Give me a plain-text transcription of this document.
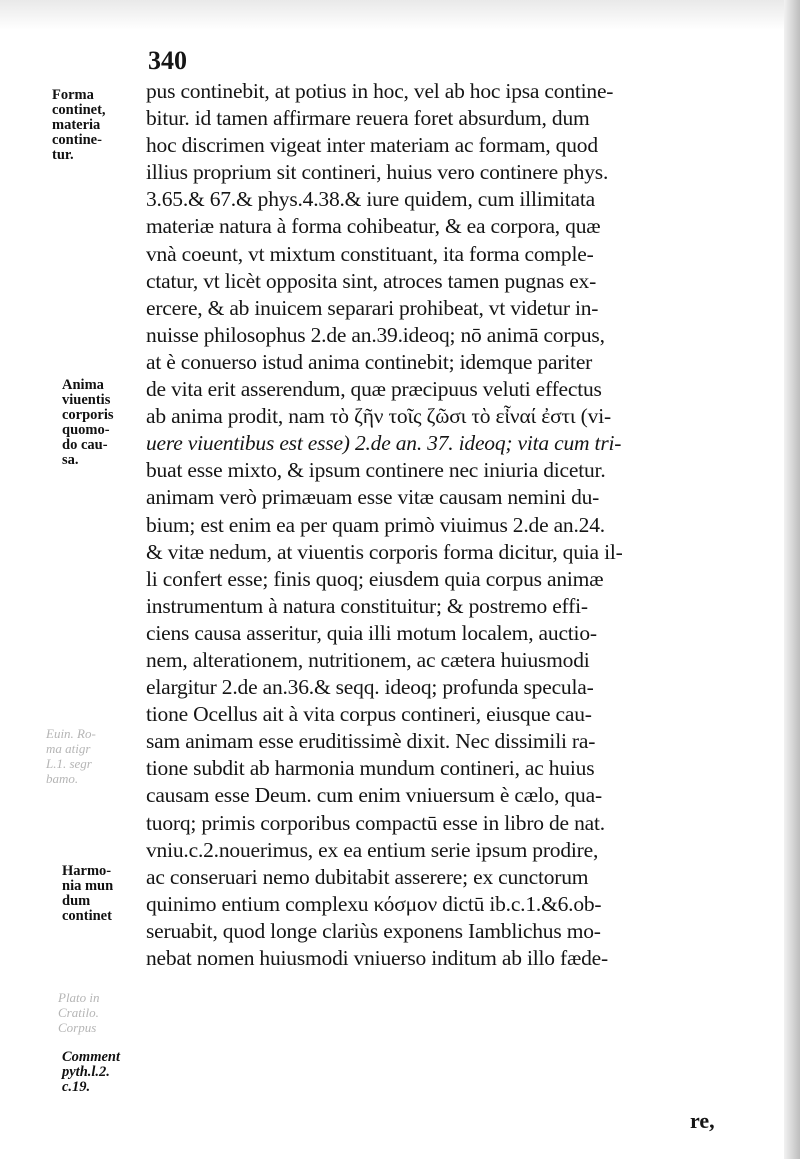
340
pus continebit, at potius in hoc, vel ab hoc ipsa contine-
bitur. id tamen affirmare reuera foret absurdum, dum
hoc discrimen vigeat inter materiam ac formam, quod
illius proprium sit contineri, huius vero continere phys.
3.65.& 67.& phys.4.38.& iure quidem, cum illimitata
materiæ natura à forma cohibeatur, & ea corpora, quæ
vnà coeunt, vt mixtum constituant, ita forma comple-
ctatur, vt licèt opposita sint, atroces tamen pugnas ex-
ercere, & ab inuicem separari prohibeat, vt videtur in-
nuisse philosophus 2.de an.39.ideoq; nō animā corpus,
at è conuerso istud anima continebit; idemque pariter
de vita erit asserendum, quæ præcipuus veluti effectus
ab anima prodit, nam τὸ ζῆν τοῖς ζῶσι τὸ εἶναί ἐστι (vi-
uere viuentibus est esse) 2.de an. 37. ideoq; vita cum tri-
buat esse mixto, & ipsum continere nec iniuria dicetur.
animam verò primæuam esse vitæ causam nemini du-
bium; est enim ea per quam primò viuimus 2.de an.24.
& vitæ nedum, at viuentis corporis forma dicitur, quia il-
li confert esse; finis quoq; eiusdem quia corpus animæ
instrumentum à natura constituitur; & postremo effi-
ciens causa asseritur, quia illi motum localem, auctio-
nem, alterationem, nutritionem, ac cætera huiusmodi
elargitur 2.de an.36.& seqq. ideoq; profunda specula-
tione Ocellus ait à vita corpus contineri, eiusque cau-
sam animam esse eruditissimè dixit. Nec dissimili ra-
tione subdit ab harmonia mundum contineri, ac huius
causam esse Deum. cum enim vniuersum è cælo, qua-
tuorq; primis corporibus compactū esse in libro de nat.
vniu.c.2.nouerimus, ex ea entium serie ipsum prodire,
ac conseruari nemo dubitabit asserere; ex cunctorum
quinimo entium complexu κόσμον dictū ib.c.1.&6.ob-
seruabit, quod longe clariùs exponens Iamblichus mo-
nebat nomen huiusmodi vniuerso inditum ab illo fæde-
re,
Forma
continet,
materia
contine-
tur.
Anima
viuentis
corporis
quomo-
do cau-
sa.
Harmo-
nia mun
dum
continet
Comment
pyth.l.2.
c.19.
Euin. Ro-
ma atigr
L.1. segr
bamo.
Plato in
Cratilo.
Corpus
